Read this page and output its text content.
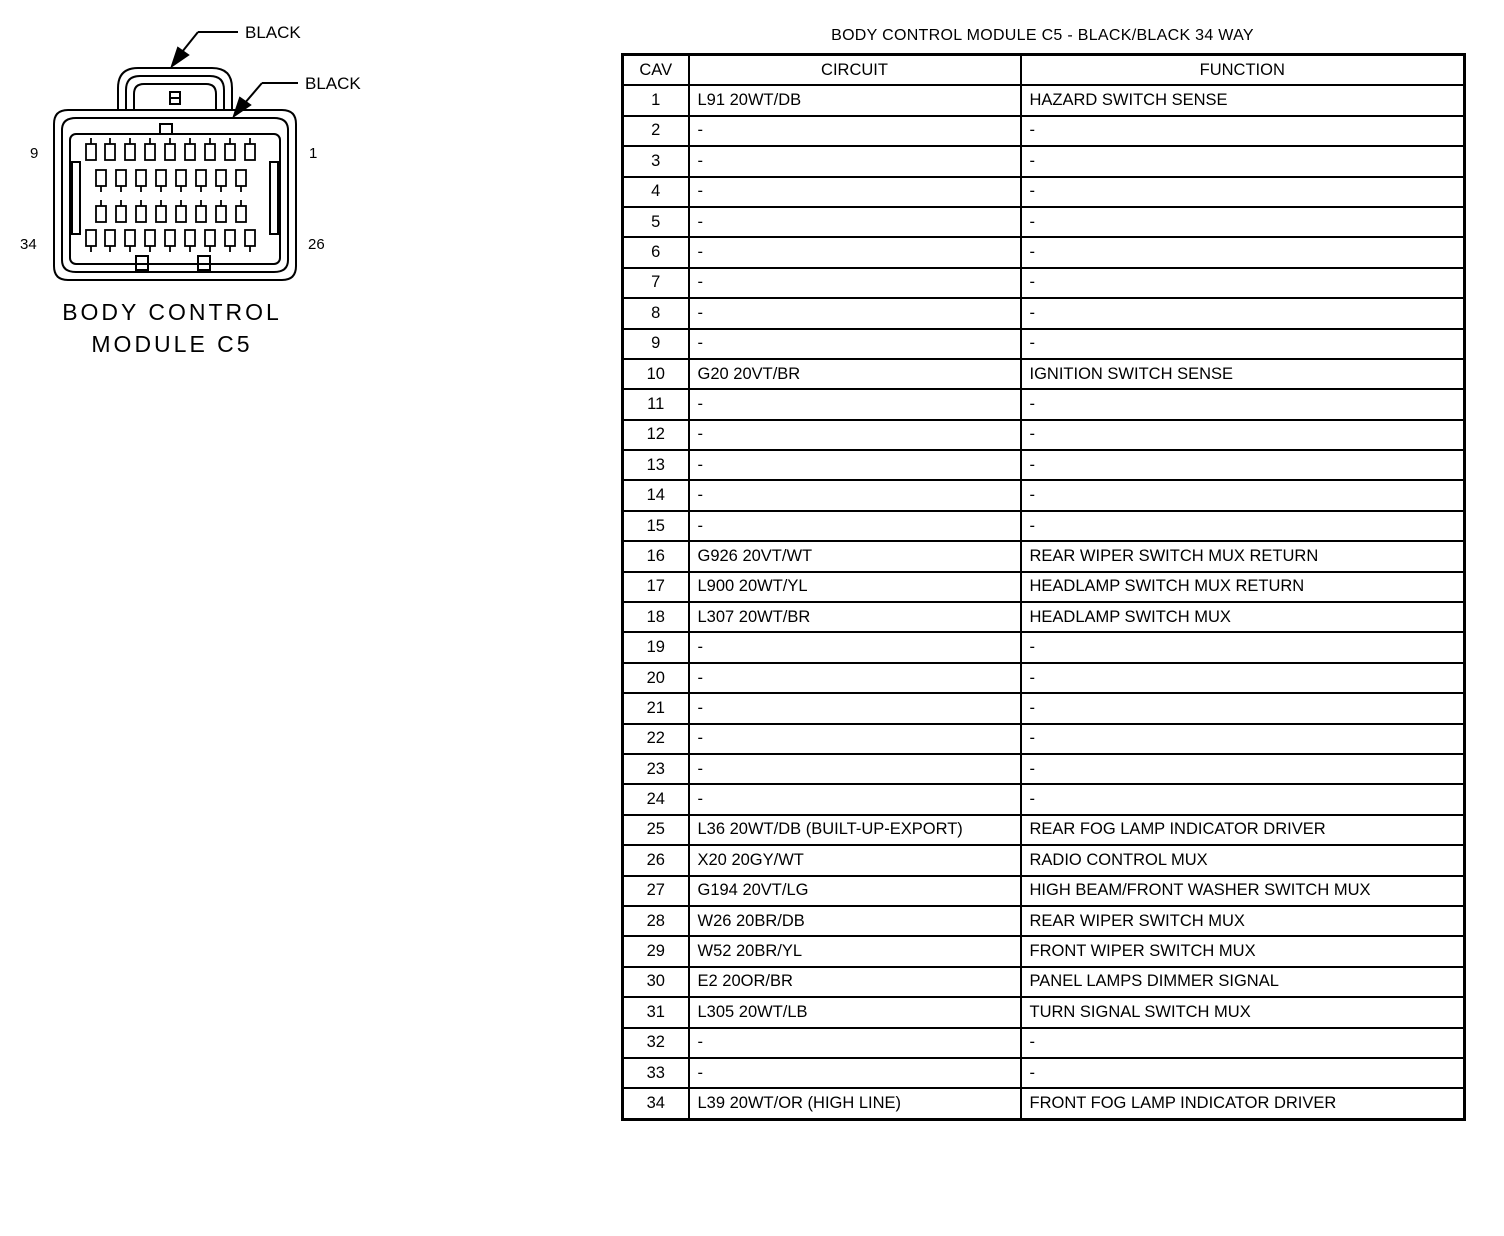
BLACK
BLACK
9	1
34	26
BODY CONTROL
MODULE C5
BODY CONTROL MODULE C5 - BLACK/BLACK 34 WAY
CAV	CIRCUIT	FUNCTION
1	L91 20WT/DB	HAZARD SWITCH SENSE
2	-	-
3	-	-
4	-	-
5	-	-
6	-	-
7	-	-
8	-	-
9	-	-
10	G20 20VT/BR	IGNITION SWITCH SENSE
11	-	-
12	-	-
13	-	-
14	-	-
15	-	-
16	G926 20VT/WT	REAR WIPER SWITCH MUX RETURN
17	L900 20WT/YL	HEADLAMP SWITCH MUX RETURN
18	L307 20WT/BR	HEADLAMP SWITCH MUX
19	-	-
20	-	-
21	-	-
22	-	-
23	-	-
24	-	-
25	L36 20WT/DB (BUILT-UP-EXPORT)	REAR FOG LAMP INDICATOR DRIVER
26	X20 20GY/WT	RADIO CONTROL MUX
27	G194 20VT/LG	HIGH BEAM/FRONT WASHER SWITCH MUX
28	W26 20BR/DB	REAR WIPER SWITCH MUX
29	W52 20BR/YL	FRONT WIPER SWITCH MUX
30	E2 20OR/BR	PANEL LAMPS DIMMER SIGNAL
31	L305 20WT/LB	TURN SIGNAL SWITCH MUX
32	-	-
33	-	-
34	L39 20WT/OR (HIGH LINE)	FRONT FOG LAMP INDICATOR DRIVER
